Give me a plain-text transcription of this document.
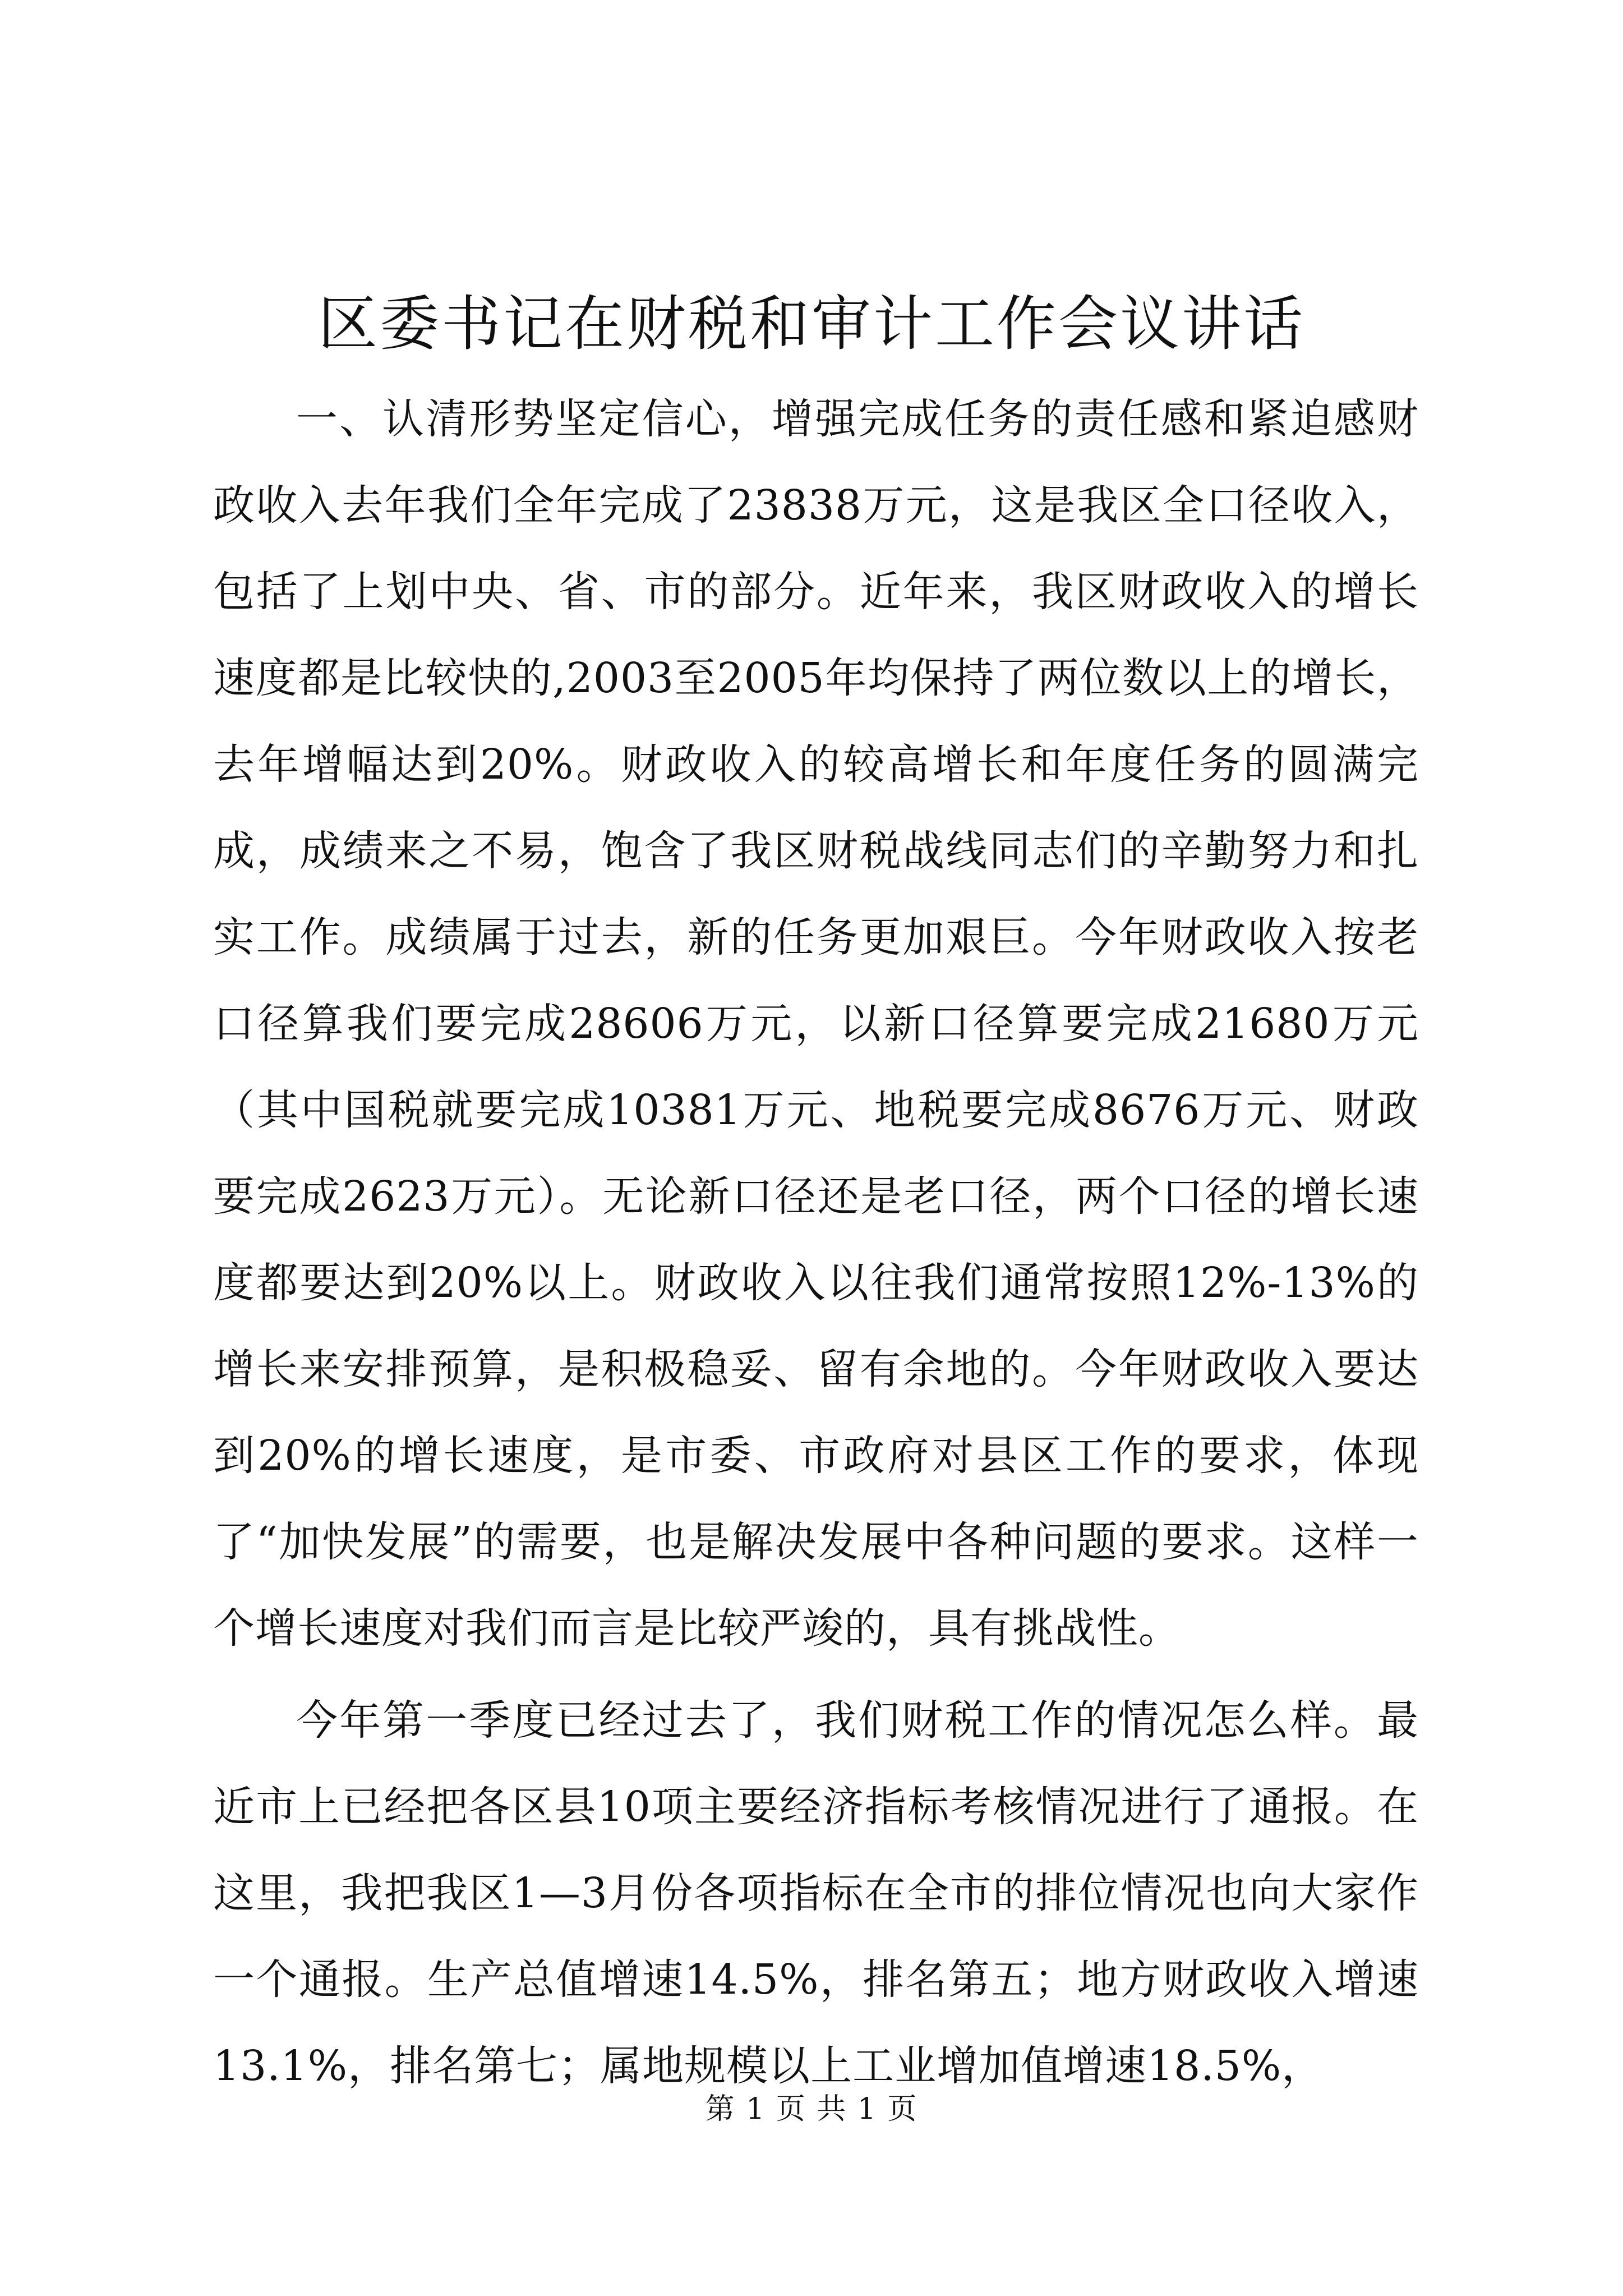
区委书记在财税和审计工作会议讲话

一、认清形势坚定信心，增强完成任务的责任感和紧迫感财政收入去年我们全年完成了23838万元，这是我区全口径收入，包括了上划中央、省、市的部分。近年来，我区财政收入的增长速度都是比较快的,2003至2005年均保持了两位数以上的增长，去年增幅达到20%。财政收入的较高增长和年度任务的圆满完成，成绩来之不易，饱含了我区财税战线同志们的辛勤努力和扎实工作。成绩属于过去，新的任务更加艰巨。今年财政收入按老口径算我们要完成28606万元，以新口径算要完成21680万元（其中国税就要完成10381万元、地税要完成8676万元、财政要完成2623万元）。无论新口径还是老口径，两个口径的增长速度都要达到20%以上。财政收入以往我们通常按照12%-13%的增长来安排预算，是积极稳妥、留有余地的。今年财政收入要达到20%的增长速度，是市委、市政府对县区工作的要求，体现了“加快发展”的需要，也是解决发展中各种问题的要求。这样一个增长速度对我们而言是比较严竣的，具有挑战性。

今年第一季度已经过去了，我们财税工作的情况怎么样。最近市上已经把各区县10项主要经济指标考核情况进行了通报。在这里，我把我区1—3月份各项指标在全市的排位情况也向大家作一个通报。生产总值增速14.5%，排名第五；地方财政收入增速13.1%，排名第七；属地规模以上工业增加值增速18.5%，

第 1 页 共 1 页
